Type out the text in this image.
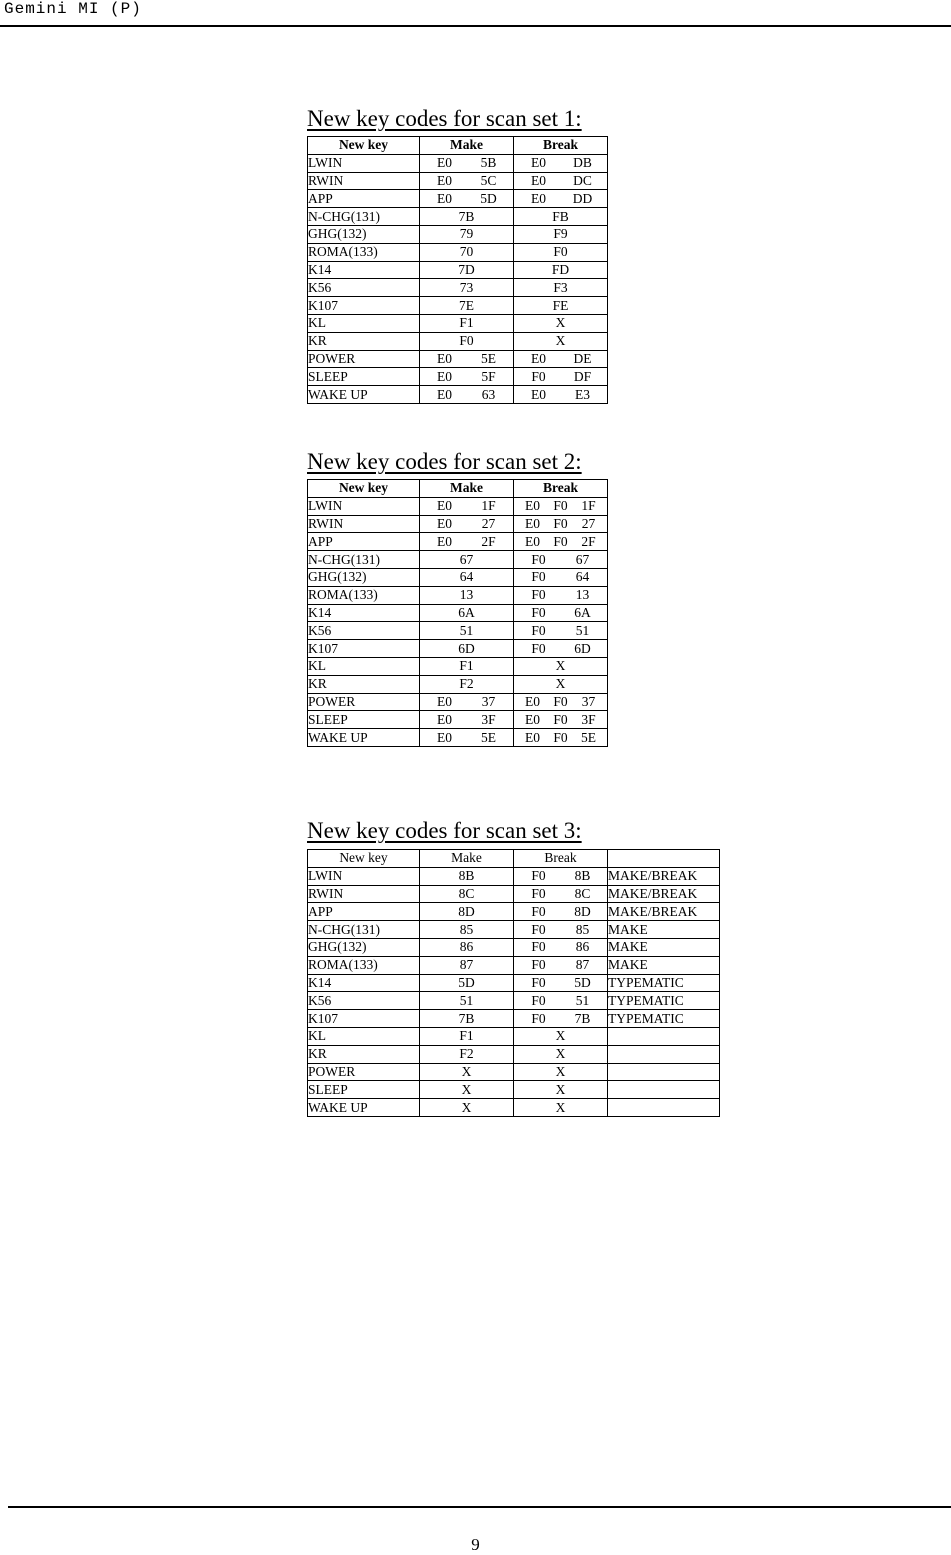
Gemini MI (P)
New key codes for scan set 1:
New key	Make	Break
LWIN	E0 5B	E0 DB

RWIN	E0 5C	E0 DC

APP	E0 5D	E0 DD

N-CHG(131)	7B	FB

GHG(132)	79	F9

ROMA(133)	70	F0

K14	7D	FD

K56	73	F3

K107	7E	FE

KL	F1	X

KR	F0	X

POWER	E0 5E	E0 DE

SLEEP	E0 5F	F0 DF

WAKE UP	E0 63	E0 E3
New key codes for scan set 2:
New key	Make	Break
LWIN	E0 1F	E0 F0 1F

RWIN	E0 27	E0 F0 27

APP	E0 2F	E0 F0 2F

N-CHG(131)	67	F0 67

GHG(132)	64	F0 64

ROMA(133)	13	F0 13

K14	6A	F0 6A

K56	51	F0 51

K107	6D	F0 6D

KL	F1	X

KR	F2	X

POWER	E0 37	E0 F0 37

SLEEP	E0 3F	E0 F0 3F

WAKE UP	E0 5E	E0 F0 5E
New key codes for scan set 3:
New key	Make	Break	
LWIN	8B	F0 8B	MAKE/BREAK
RWIN	8C	F0 8C	MAKE/BREAK
APP	8D	F0 8D	MAKE/BREAK
N-CHG(131)	85	F0 85	MAKE
GHG(132)	86	F0 86	MAKE
ROMA(133)	87	F0 87	MAKE
K14	5D	F0 5D	TYPEMATIC
K56	51	F0 51	TYPEMATIC
K107	7B	F0 7B	TYPEMATIC
KL	F1	X	

KR	F2	X	

POWER	X	X	

SLEEP	X	X	

WAKE UP	X	X	

9
